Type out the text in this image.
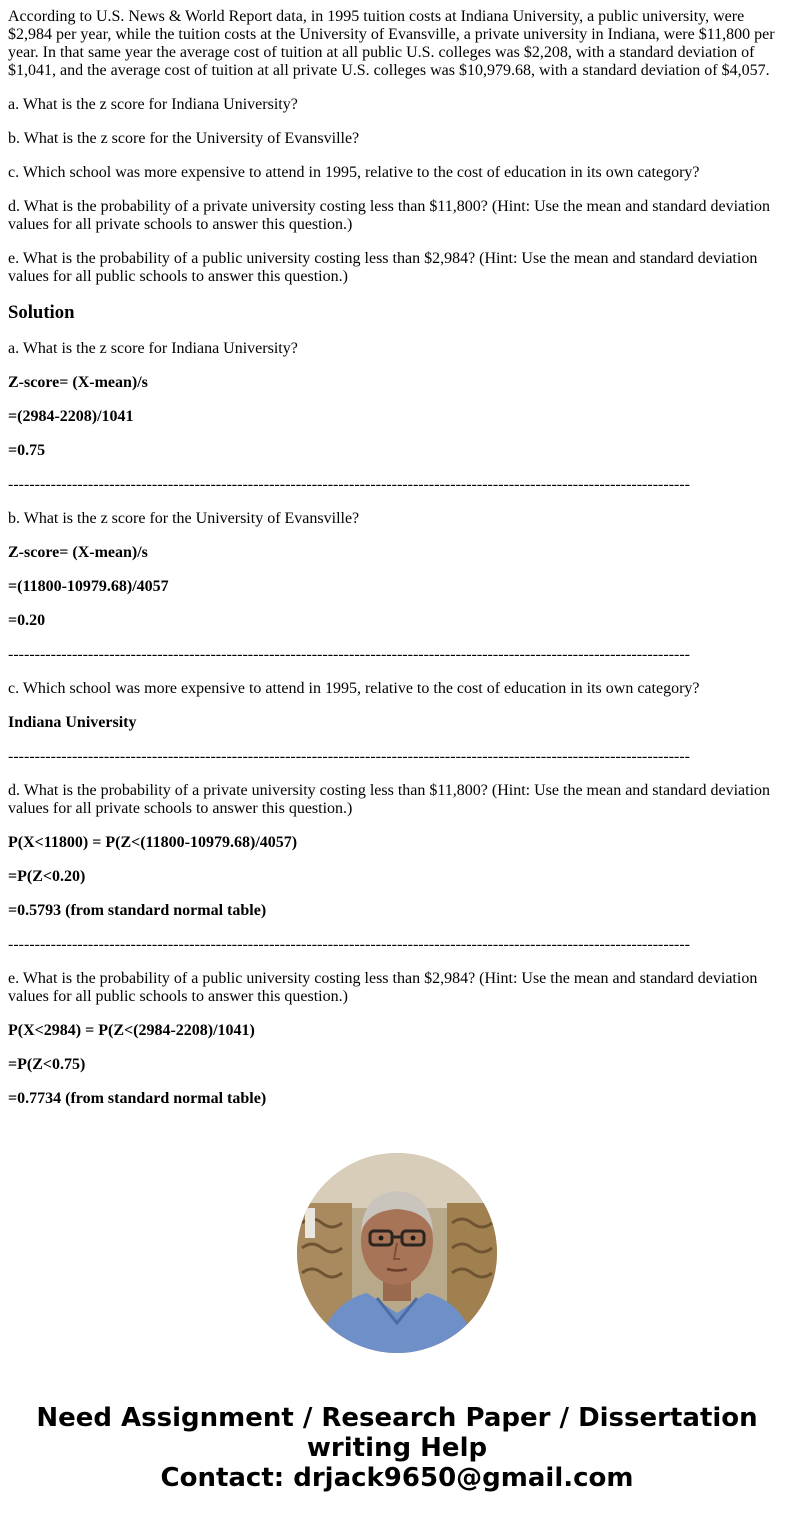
According to U.S. News & World Report data, in 1995 tuition costs at Indiana University, a public university, were $2,984 per year, while the tuition costs at the University of Evansville, a private university in Indiana, were $11,800 per year. In that same year the average cost of tuition at all public U.S. colleges was $2,208, with a standard deviation of $1,041, and the average cost of tuition at all private U.S. colleges was $10,979.68, with a standard deviation of $4,057.

a. What is the z score for Indiana University?

b. What is the z score for the University of Evansville?

c. Which school was more expensive to attend in 1995, relative to the cost of education in its own category?

d. What is the probability of a private university costing less than $11,800? (Hint: Use the mean and standard deviation values for all private schools to answer this question.)

e. What is the probability of a public university costing less than $2,984? (Hint: Use the mean and standard deviation values for all public schools to answer this question.)

Solution

a. What is the z score for Indiana University?

Z-score= (X-mean)/s

=(2984-2208)/1041

=0.75

--------------------------------------------------------------------------------------------------------------------------------

b. What is the z score for the University of Evansville?

Z-score= (X-mean)/s

=(11800-10979.68)/4057

=0.20

--------------------------------------------------------------------------------------------------------------------------------

c. Which school was more expensive to attend in 1995, relative to the cost of education in its own category?

Indiana University

--------------------------------------------------------------------------------------------------------------------------------

d. What is the probability of a private university costing less than $11,800? (Hint: Use the mean and standard deviation values for all private schools to answer this question.)

P(X<11800) = P(Z<(11800-10979.68)/4057)

=P(Z<0.20)

=0.5793 (from standard normal table)

--------------------------------------------------------------------------------------------------------------------------------

e. What is the probability of a public university costing less than $2,984? (Hint: Use the mean and standard deviation values for all public schools to answer this question.)

P(X<2984) = P(Z<(2984-2208)/1041)

=P(Z<0.75)

=0.7734 (from standard normal table)

Need Assignment / Research Paper / Dissertation writing Help
Contact: drjack9650@gmail.com
